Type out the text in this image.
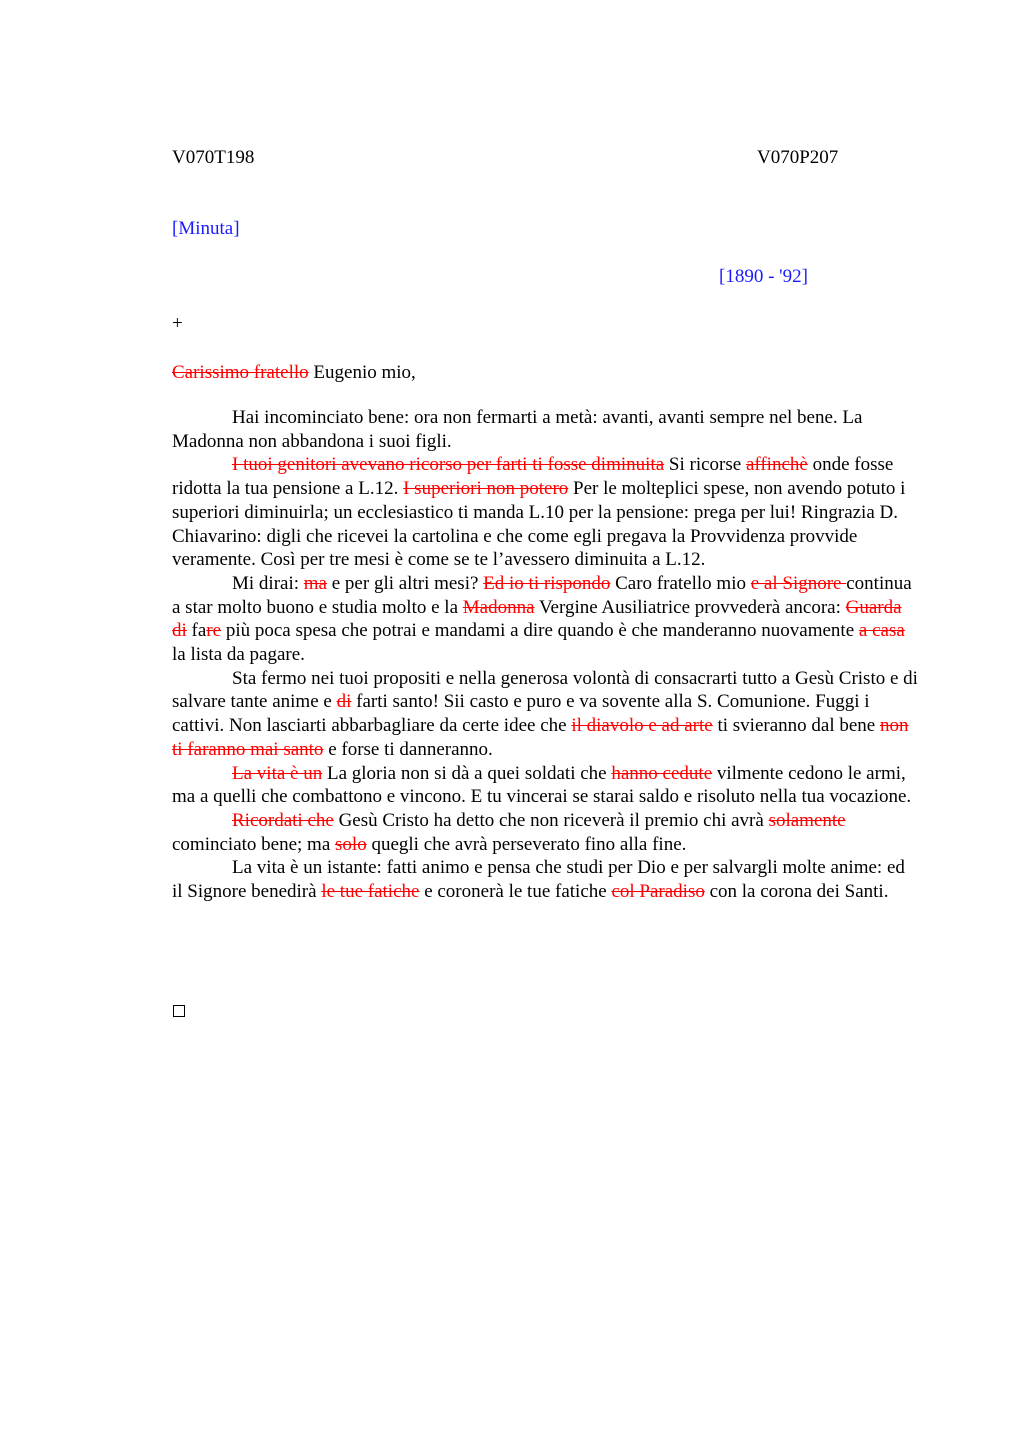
V070T198	V070P207
[Minuta]
[1890 - '92]
+
Carissimo fratello Eugenio mio,

Hai incominciato bene: ora non fermarti a metà: avanti, avanti sempre nel bene. La Madonna non abbandona i suoi figli.

I tuoi genitori avevano ricorso per farti ti fosse diminuita Si ricorse affinchè onde fosse ridotta la tua pensione a L.12. I superiori non potero Per le molteplici spese, non avendo potuto i superiori diminuirla; un ecclesiastico ti manda L.10 per la pensione: prega per lui! Ringrazia D. Chiavarino: digli che ricevei la cartolina e che come egli pregava la Provvidenza provvide veramente. Così per tre mesi è come se te l’avessero diminuita a L.12.

Mi dirai: ma e per gli altri mesi? Ed io ti rispondo Caro fratello mio e al Signore continua a star molto buono e studia molto e la Madonna Vergine Ausiliatrice provvederà ancora: Guarda di fare più poca spesa che potrai e mandami a dire quando è che manderanno nuovamente a casa la lista da pagare.

Sta fermo nei tuoi propositi e nella generosa volontà di consacrarti tutto a Gesù Cristo e di salvare tante anime e di farti santo! Sii casto e puro e va sovente alla S. Comunione. Fuggi i cattivi. Non lasciarti abbarbagliare da certe idee che il diavolo e ad arte ti svieranno dal bene non ti faranno mai santo e forse ti danneranno.

La vita è un La gloria non si dà a quei soldati che hanno cedute vilmente cedono le armi, ma a quelli che combattono e vincono. E tu vincerai se starai saldo e risoluto nella tua vocazione.

Ricordati che Gesù Cristo ha detto che non riceverà il premio chi avrà solamente cominciato bene; ma solo quegli che avrà perseverato fino alla fine.

La vita è un istante: fatti animo e pensa che studi per Dio e per salvargli molte anime: ed il Signore benedirà le tue fatiche e coronerà le tue fatiche col Paradiso con la corona dei Santi.
